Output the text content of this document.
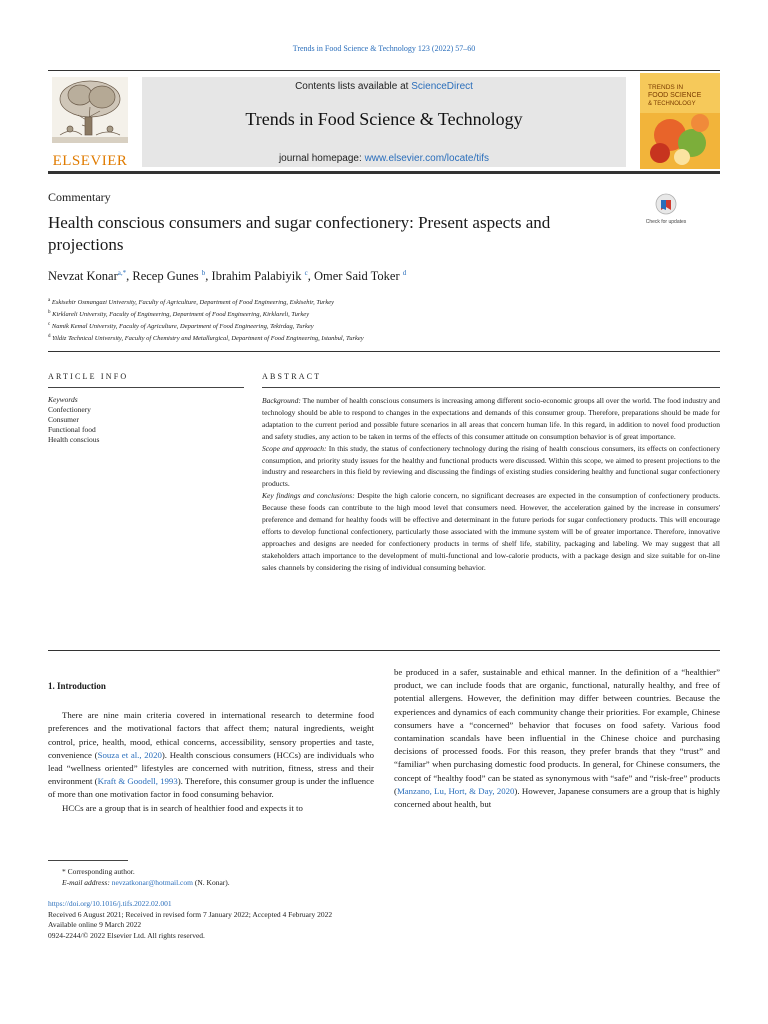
Trends in Food Science & Technology 123 (2022) 57–60
ELSEVIER
Contents lists available at ScienceDirect
Trends in Food Science & Technology
journal homepage: www.elsevier.com/locate/tifs
TRENDS IN
FOOD SCIENCE
& TECHNOLOGY
Commentary
Health conscious consumers and sugar confectionery: Present aspects and projections
Check for updates
Nevzat Konar$^{a,*}$, Recep Gunes $^b$, Ibrahim Palabiyik $^c$, Omer Said Toker $^d$
$^a$ Eskisehir Osmangazi University, Faculty of Agriculture, Department of Food Engineering, Eskisehir, Turkey
$^b$ Kirklareli University, Faculty of Engineering, Department of Food Engineering, Kirklareli, Turkey
$^c$ Namik Kemal University, Faculty of Agriculture, Department of Food Engineering, Tekirdag, Turkey
$^d$ Yildiz Technical University, Faculty of Chemistry and Metallurgical, Department of Food Engineering, Istanbul, Turkey
ARTICLE INFO	ABSTRACT
Keywords
Confectionery
Consumer
Functional food
Health conscious

Background: The number of health conscious consumers is increasing among different socio-economic groups all over the world. The food industry and technology should be able to respond to changes in the expectations and demands of this consumer group. Therefore, preparations should be made for adaptation to the current period and possible future scenarios in all areas that concern human life. In this regard, in addition to novel food production and safety studies, any action to be taken in terms of the effects of this consumer attitude on consumption behavior is of great importance.

Scope and approach: In this study, the status of confectionery technology during the rising of health conscious consumers, its effects on confectionery consumption, and priority study issues for the healthy and functional products were discussed. Within this scope, we aimed to present projections to the industry and researchers in this field by reviewing and discussing the findings of existing studies considering healthy and functional sugar confectionery products.

Key findings and conclusions: Despite the high calorie concern, no significant decreases are expected in the consumption of confectionery products. Because these foods can contribute to the high mood level that consumers need. However, the acceleration gained by the increase in consumers' preference and demand for healthy foods will be effective and determinant in the future periods for sugar confectionery products. This will encourage efforts to develop functional confectionery, particularly those associated with the immune system will be of greater importance. Therefore, innovative approaches and designs are needed for confectionery products in terms of shelf life, stability, packaging and labeling. We may suggest that all stakeholders attach importance to the development of multi-functional and low-calorie products, with a package design and size suitable for on-line sales channels by considering the rising of individual consuming behavior.

1. Introduction

There are nine main criteria covered in international research to determine food preferences and the motivational factors that affect them; natural ingredients, weight control, price, health, mood, ethical concerns, accessibility, sensory properties and taste, convenience (Souza et al., 2020). Health conscious consumers (HCCs) are individuals who lead “wellness oriented” lifestyles are concerned with nutrition, fitness, stress and their environment (Kraft & Goodell, 1993). Therefore, this consumer group is under the influence of more than one motivation factor in food consuming behavior.

HCCs are a group that is in search of healthier food and expects it to

be produced in a safer, sustainable and ethical manner. In the definition of a “healthier” product, we can include foods that are organic, functional, naturally healthy, and free of potential allergens. However, the definition may differ between countries. Because the experiences and dynamics of each community change their priorities. For example, Chinese consumers have a “concerned” behavior that focuses on food safety. Various food contamination scandals have been influential in the Chinese choice and purchasing decisions of processed foods. For this reason, they prefer brands that they “trust” and “familiar” when purchasing domestic food products. In general, for Chinese consumers, the concept of “healthy food” can be stated as synonymous with “safe” and “risk-free” products (Manzano, Lu, Hort, & Day, 2020). However, Japanese consumers are a group that is highly concerned about health, but

* Corresponding author.
E-mail address: nevzatkonar@hotmail.com (N. Konar).
https://doi.org/10.1016/j.tifs.2022.02.001
Received 6 August 2021; Received in revised form 7 January 2022; Accepted 4 February 2022
Available online 9 March 2022
0924-2244/© 2022 Elsevier Ltd. All rights reserved.
